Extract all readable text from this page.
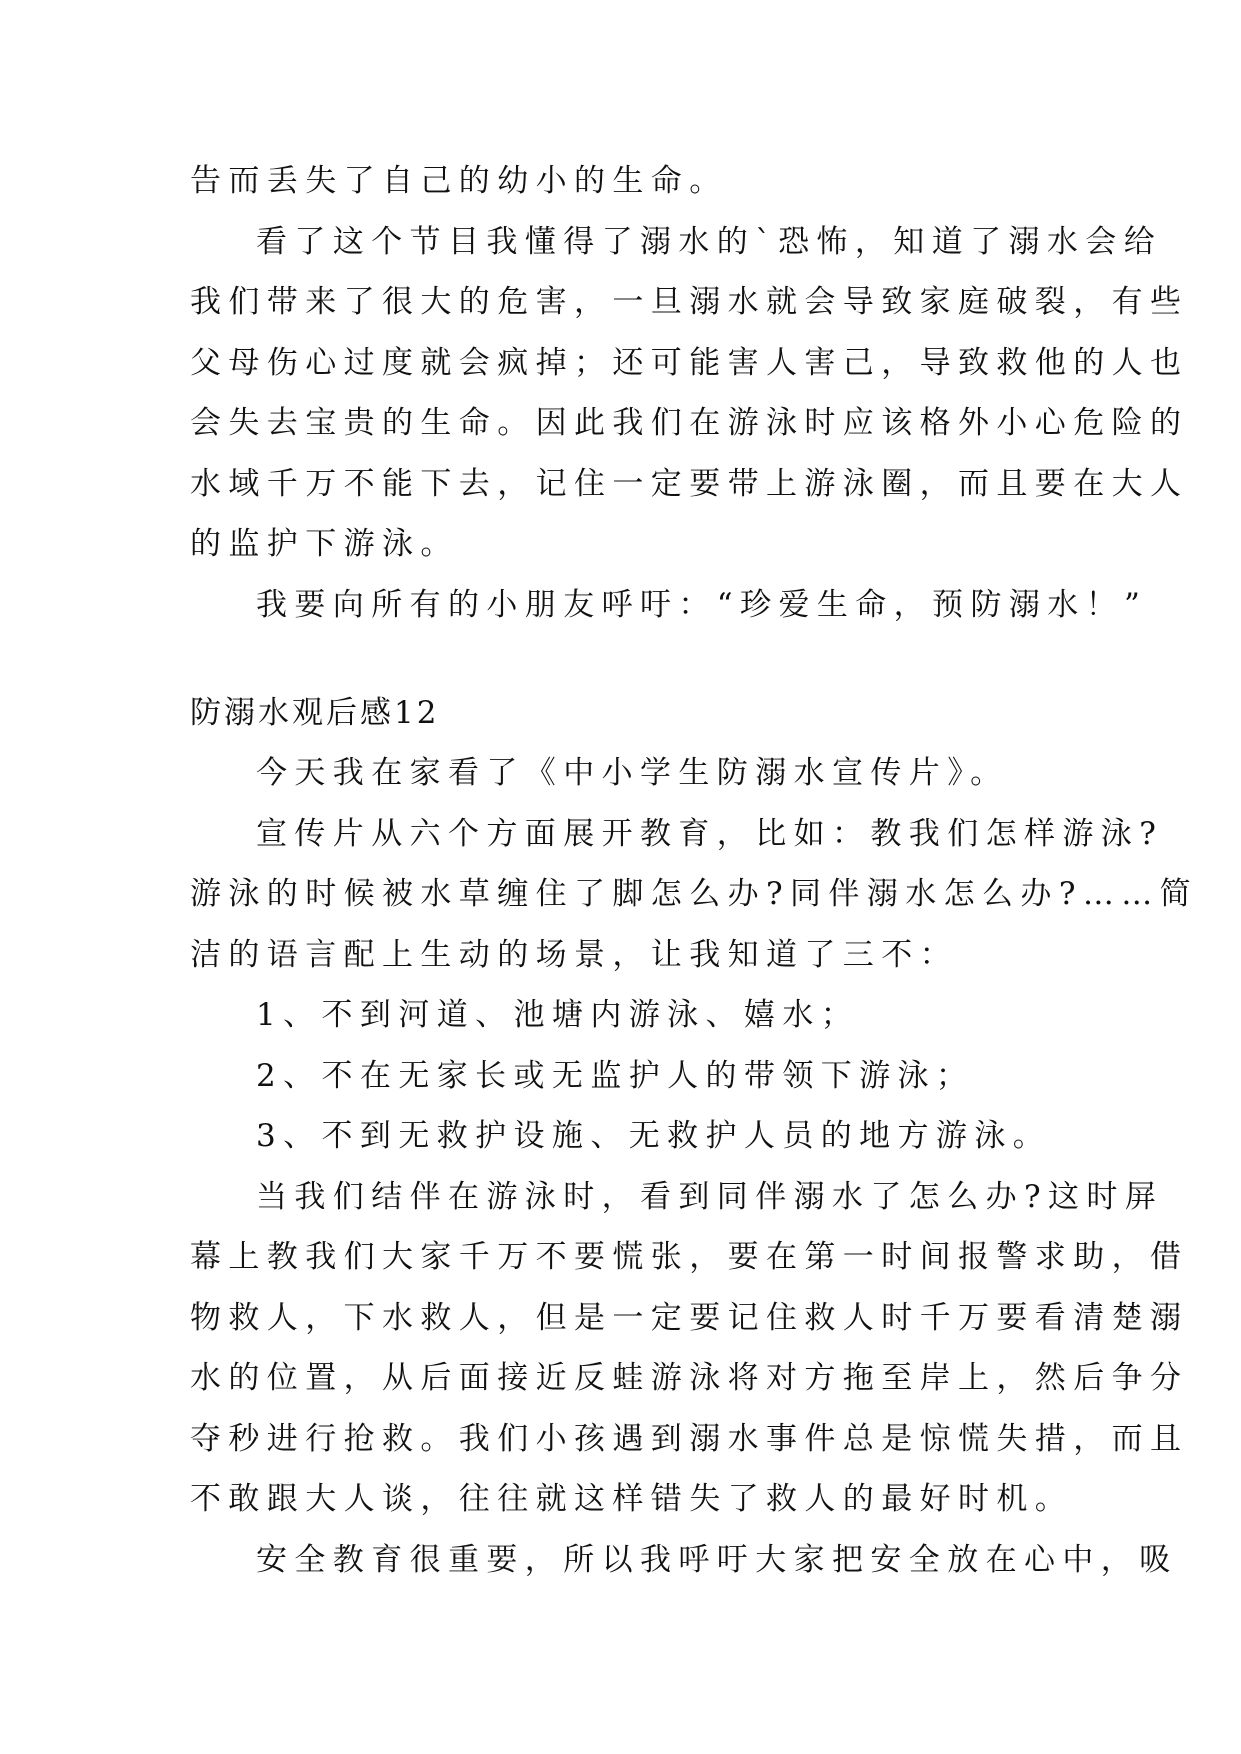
告而丢失了自己的幼小的生命。
看了这个节目我懂得了溺水的`恐怖，知道了溺水会给
我们带来了很大的危害，一旦溺水就会导致家庭破裂，有些
父母伤心过度就会疯掉；还可能害人害己，导致救他的人也
会失去宝贵的生命。因此我们在游泳时应该格外小心危险的
水域千万不能下去，记住一定要带上游泳圈，而且要在大人
的监护下游泳。
我要向所有的小朋友呼吁：“珍爱生命，预防溺水！”
防溺水观后感12
今天我在家看了《中小学生防溺水宣传片》。
宣传片从六个方面展开教育，比如：教我们怎样游泳?
游泳的时候被水草缠住了脚怎么办?同伴溺水怎么办?……简
洁的语言配上生动的场景，让我知道了三不：
1、不到河道、池塘内游泳、嬉水；
2、不在无家长或无监护人的带领下游泳；
3、不到无救护设施、无救护人员的地方游泳。
当我们结伴在游泳时，看到同伴溺水了怎么办?这时屏
幕上教我们大家千万不要慌张，要在第一时间报警求助，借
物救人，下水救人，但是一定要记住救人时千万要看清楚溺
水的位置，从后面接近反蛙游泳将对方拖至岸上，然后争分
夺秒进行抢救。我们小孩遇到溺水事件总是惊慌失措，而且
不敢跟大人谈，往往就这样错失了救人的最好时机。
安全教育很重要，所以我呼吁大家把安全放在心中，吸
